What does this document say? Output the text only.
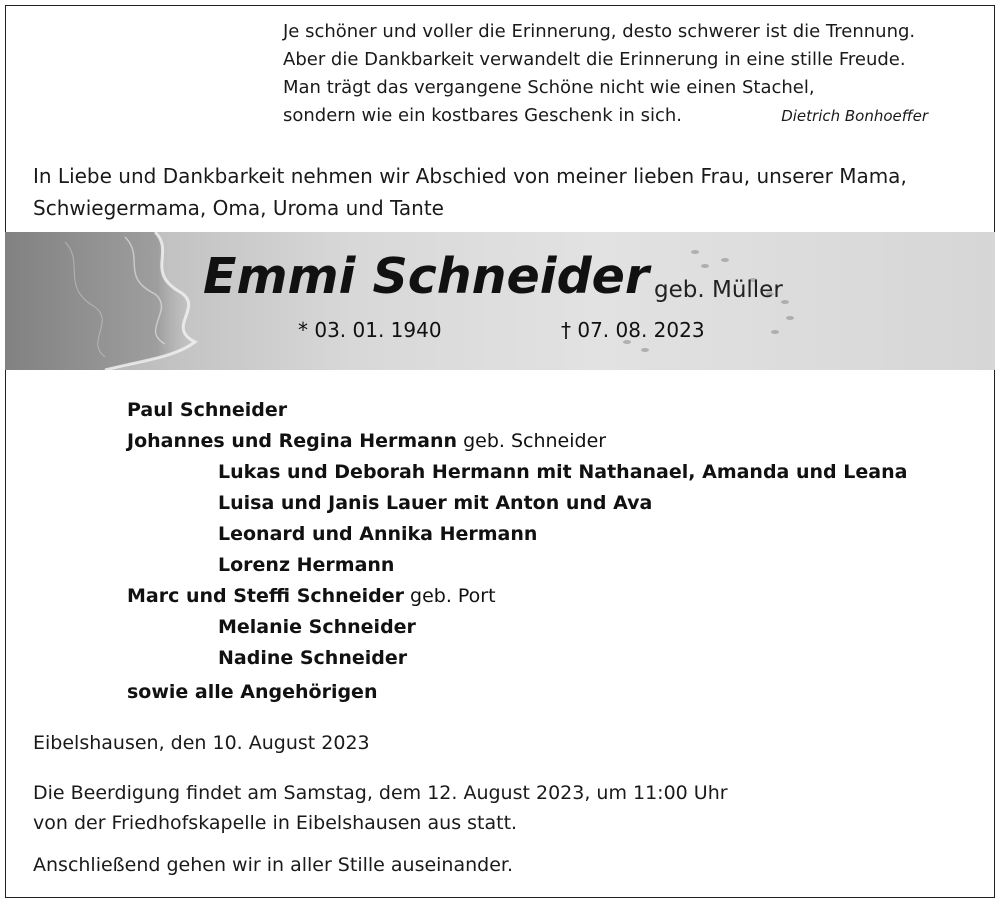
Je schöner und voller die Erinnerung, desto schwerer ist die Trennung.
Aber die Dankbarkeit verwandelt die Erinnerung in eine stille Freude.
Man trägt das vergangene Schöne nicht wie einen Stachel,
sondern wie ein kostbares Geschenk in sich.	Dietrich Bonhoeffer
In Liebe und Dankbarkeit nehmen wir Abschied von meiner lieben Frau, unserer Mama,
Schwiegermama, Oma, Uroma und Tante
Emmi Schneider geb. Müller
* 03. 01. 1940	† 07. 08. 2023
Paul Schneider
Johannes und Regina Hermann geb. Schneider
Lukas und Deborah Hermann mit Nathanael, Amanda und Leana
Luisa und Janis Lauer mit Anton und Ava
Leonard und Annika Hermann
Lorenz Hermann
Marc und Steffi Schneider geb. Port
Melanie Schneider
Nadine Schneider
sowie alle Angehörigen
Eibelshausen, den 10. August 2023
Die Beerdigung findet am Samstag, dem 12. August 2023, um 11:00 Uhr
von der Friedhofskapelle in Eibelshausen aus statt.
Anschließend gehen wir in aller Stille auseinander.
